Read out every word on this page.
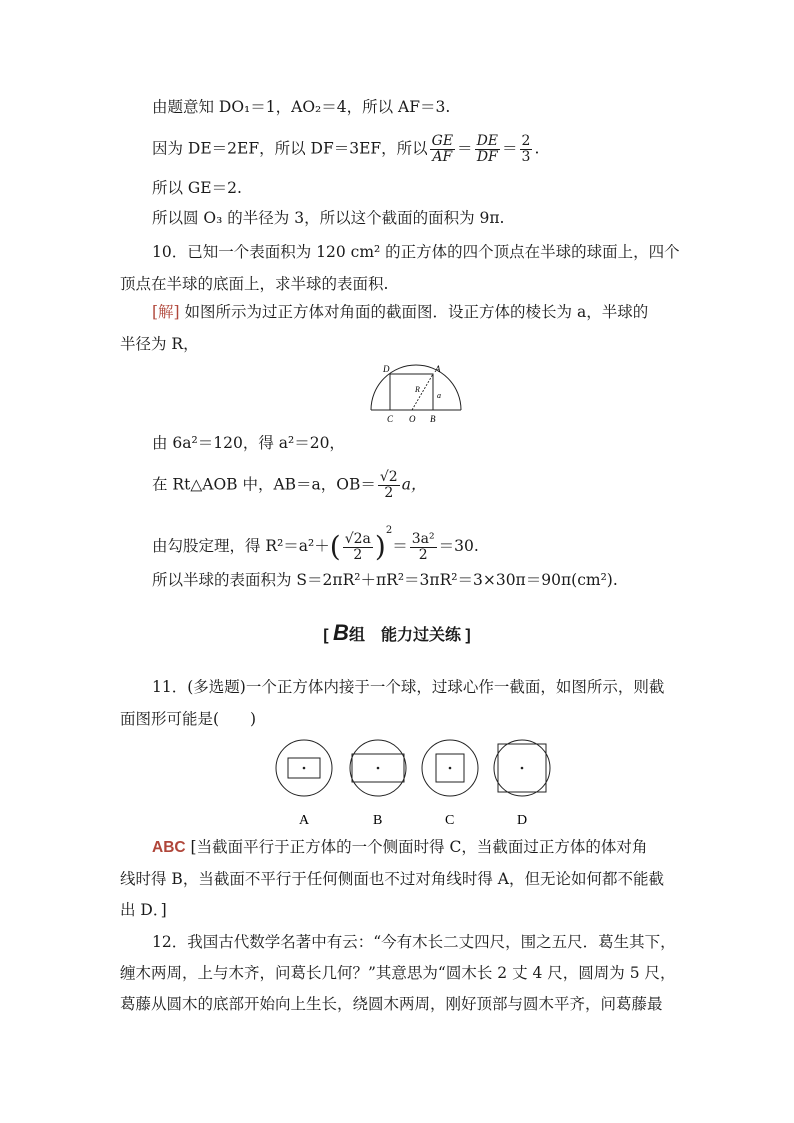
由题意知 DO₁＝1，AO₂＝4，所以 AF＝3.
因为 DE＝2EF，所以 DF＝3EF，所以 $\frac{GE}{AF} = \frac{DE}{DF} = \frac{2}{3}$ .
所以 GE＝2.
所以圆 O₃ 的半径为 3，所以这个截面的面积为 9π.
10．已知一个表面积为 120 cm² 的正方体的四个顶点在半球的球面上，四个
顶点在半球的底面上，求半球的表面积.
[解] 如图所示为过正方体对角面的截面图．设正方体的棱长为 a，半球的
半径为 R，
D	A
R
a
C O B
由 6a²＝120，得 a²＝20，
在 Rt△AOB 中，AB＝a，$OB= \frac{√2}{2}$ a，
由勾股定理，得 $R^2=a^2+( \frac{√2a}{2} )^2= \frac{\text{3a²}}{2} =30$.
所以半球的表面积为 S＝2πR²＋πR²＝3πR²＝3×30π＝90π(cm²).
[ B组　能力过关练 ]
11．(多选题)一个正方体内接于一个球，过球心作一截面，如图所示，则截
面图形可能是(　　)
A	B	C	D
ABC [当截面平行于正方体的一个侧面时得 C，当截面过正方体的体对角
线时得 B，当截面不平行于任何侧面也不过对角线时得 A，但无论如何都不能截
出 D．]
12．我国古代数学名著中有云：“今有木长二丈四尺，围之五尺．葛生其下，
缠木两周，上与木齐，问葛长几何？”其意思为“圆木长 2 丈 4 尺，圆周为 5 尺，
葛藤从圆木的底部开始向上生长，绕圆木两周，刚好顶部与圆木平齐，问葛藤最
